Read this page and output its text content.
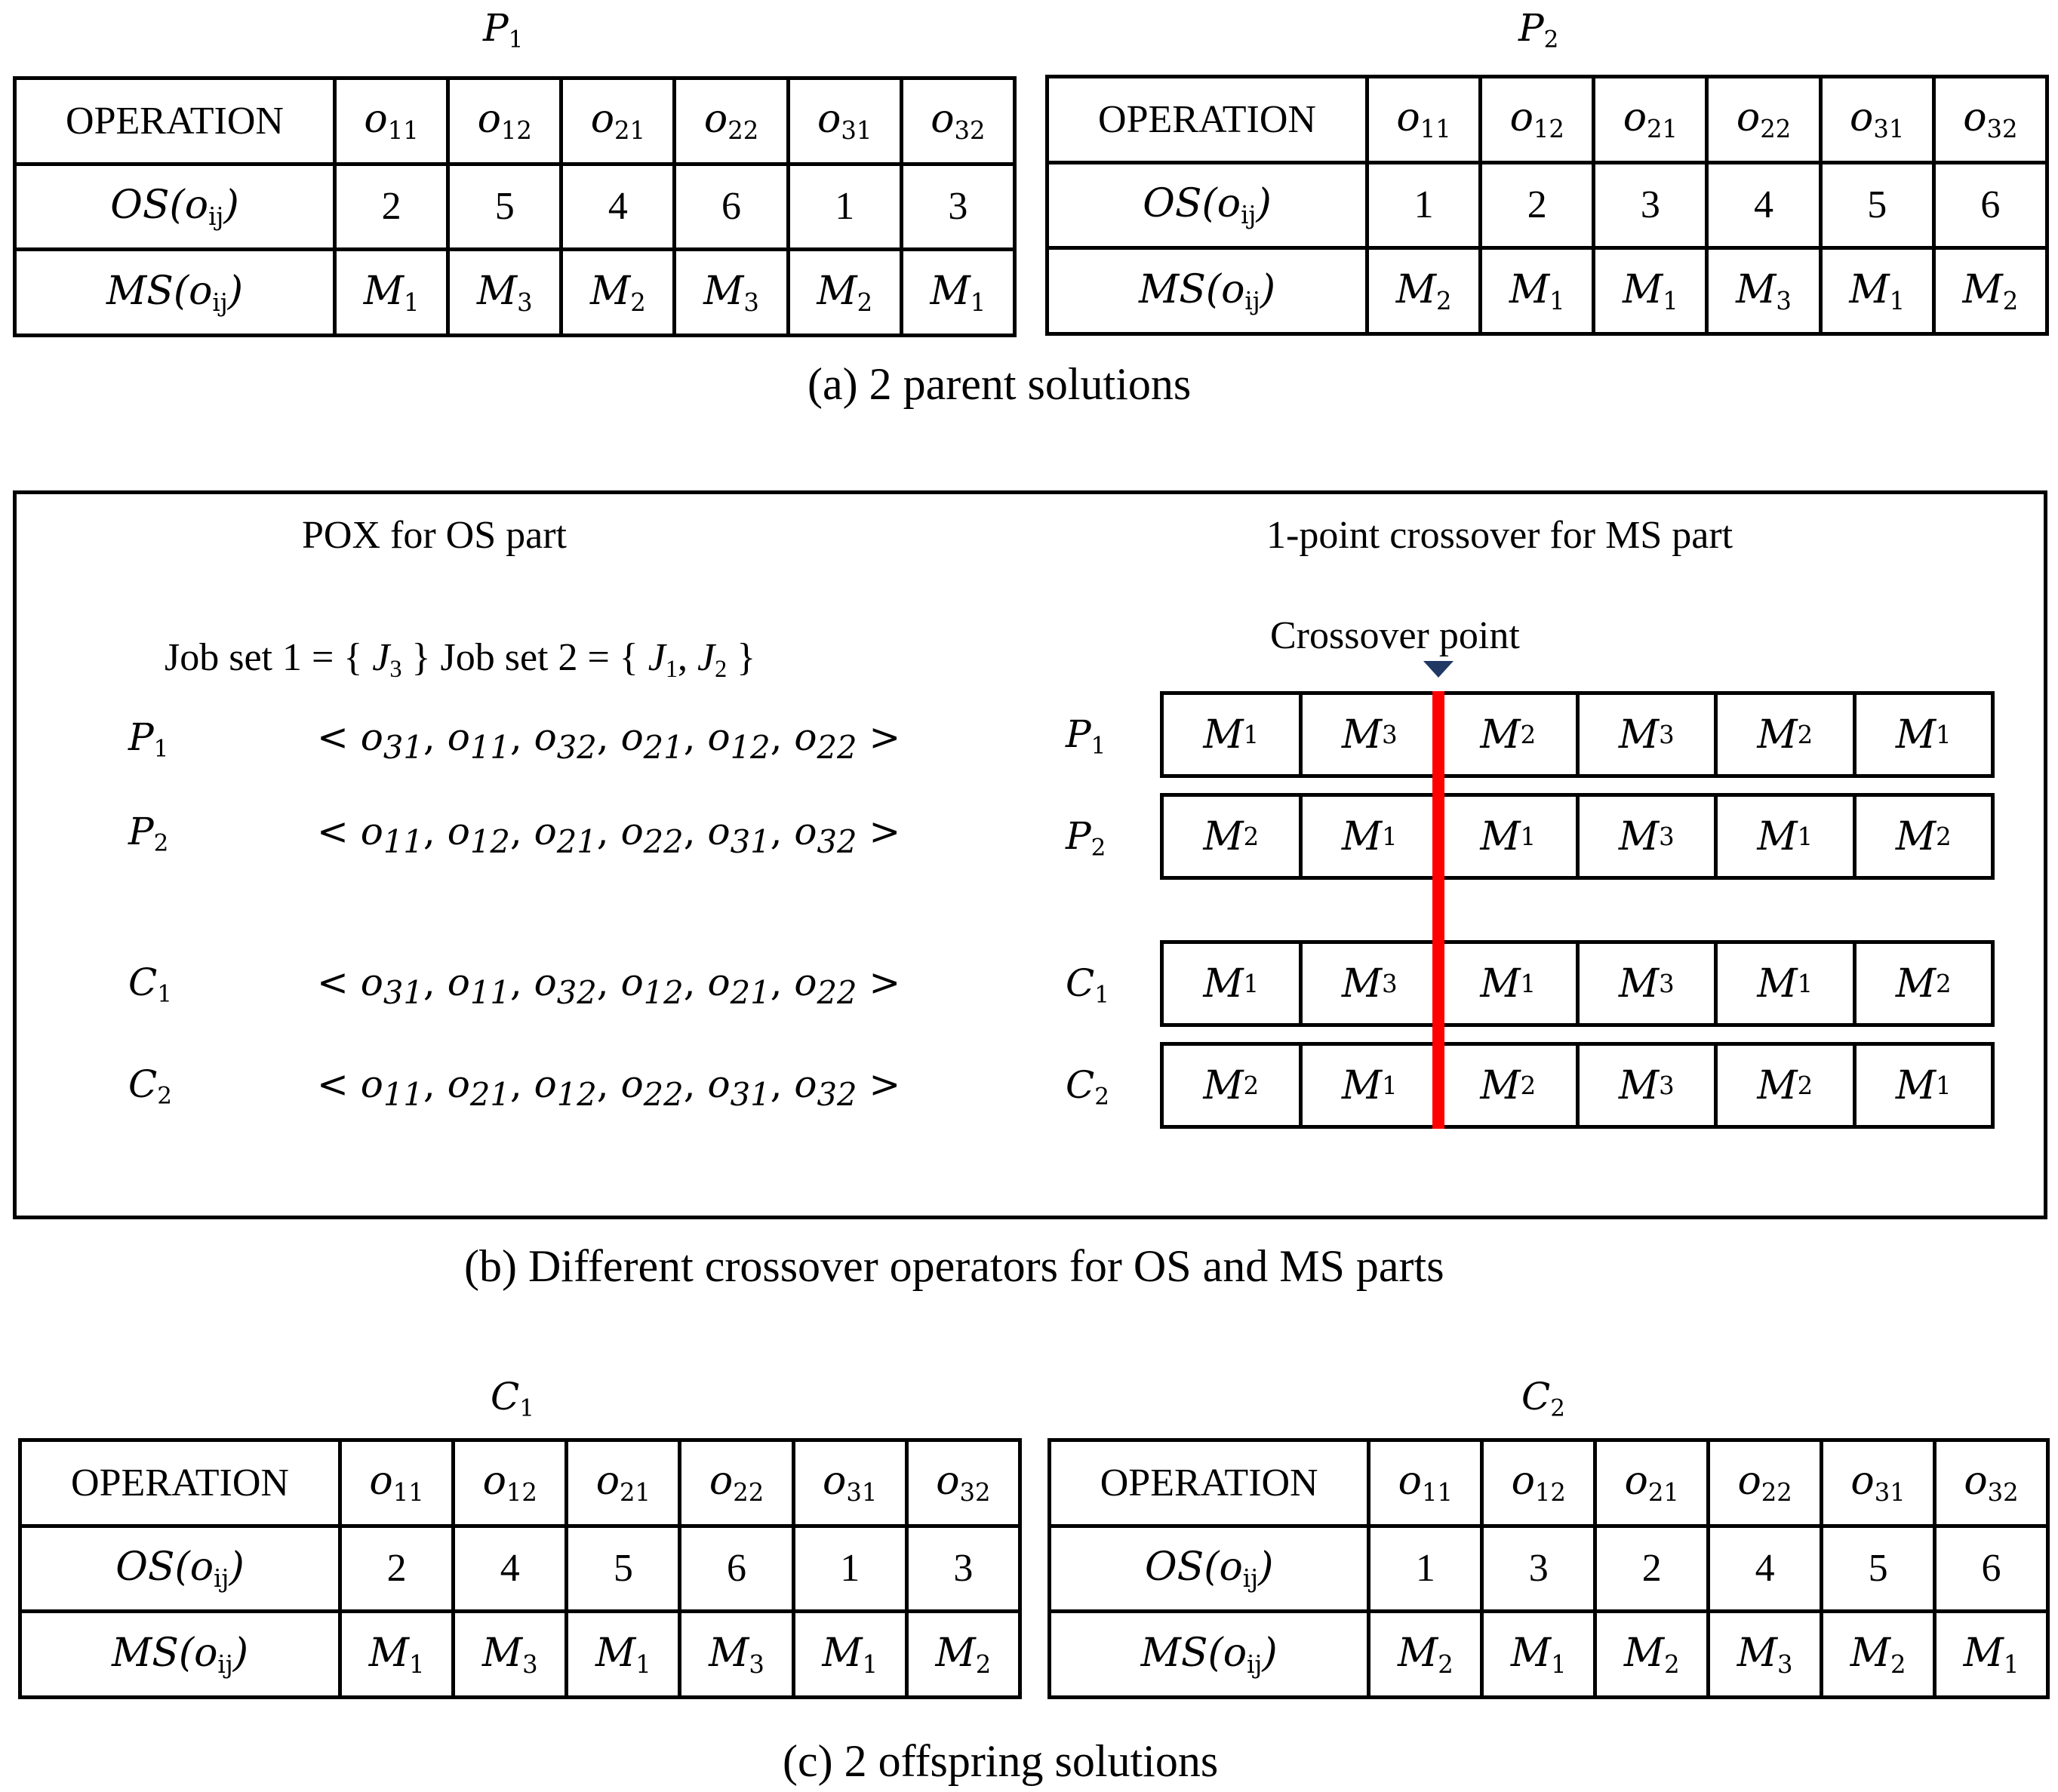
$P_1$	$P_2$
OPERATION	$o_{11}$	$o_{12}$	$o_{21}$	$o_{22}$	$o_{31}$	$o_{32}$
$OS(o_{ij})$	2	5	4	6	1	3
$MS(o_{ij})$	$M_1$	$M_3$	$M_2$	$M_3$	$M_2$	$M_1$
OPERATION	$o_{11}$	$o_{12}$	$o_{21}$	$o_{22}$	$o_{31}$	$o_{32}$
$OS(o_{ij})$	1	2	3	4	5	6
$MS(o_{ij})$	$M_2$	$M_1$	$M_1$	$M_3$	$M_1$	$M_2$
(a) 2 parent solutions
POX for OS part	1-point crossover for MS part
Job set 1 = { $J_3$ } Job set 2 = { $J_1$, $J_2$ }
Crossover point
$P_1$	< $o_{31}$, $o_{11}$, $o_{32}$, $o_{21}$, $o_{12}$, $o_{22}$ >
$P_2$	< $o_{11}$, $o_{12}$, $o_{21}$, $o_{22}$, $o_{31}$, $o_{32}$ >
$C_1$	< $o_{31}$, $o_{11}$, $o_{32}$, $o_{12}$, $o_{21}$, $o_{22}$ >
$C_2$	< $o_{11}$, $o_{21}$, $o_{12}$, $o_{22}$, $o_{31}$, $o_{32}$ >
$P_1$	M 1	M 3	M 2	M 3	M 2	M 1
$P_2$	M 2	M 1	M 1	M 3	M 1	M 2
$C_1$	M 1	M 3	M 1	M 3	M 1	M 2
$C_2$	M 2	M 1	M 2	M 3	M 2	M 1
(b) Different crossover operators for OS and MS parts
$C_1$	$C_2$
OPERATION	$o_{11}$	$o_{12}$	$o_{21}$	$o_{22}$	$o_{31}$	$o_{32}$
$OS(o_{ij})$	2	4	5	6	1	3
$MS(o_{ij})$	$M_1$	$M_3$	$M_1$	$M_3$	$M_1$	$M_2$
OPERATION	$o_{11}$	$o_{12}$	$o_{21}$	$o_{22}$	$o_{31}$	$o_{32}$
$OS(o_{ij})$	1	3	2	4	5	6
$MS(o_{ij})$	$M_2$	$M_1$	$M_2$	$M_3$	$M_2$	$M_1$
(c) 2 offspring solutions
